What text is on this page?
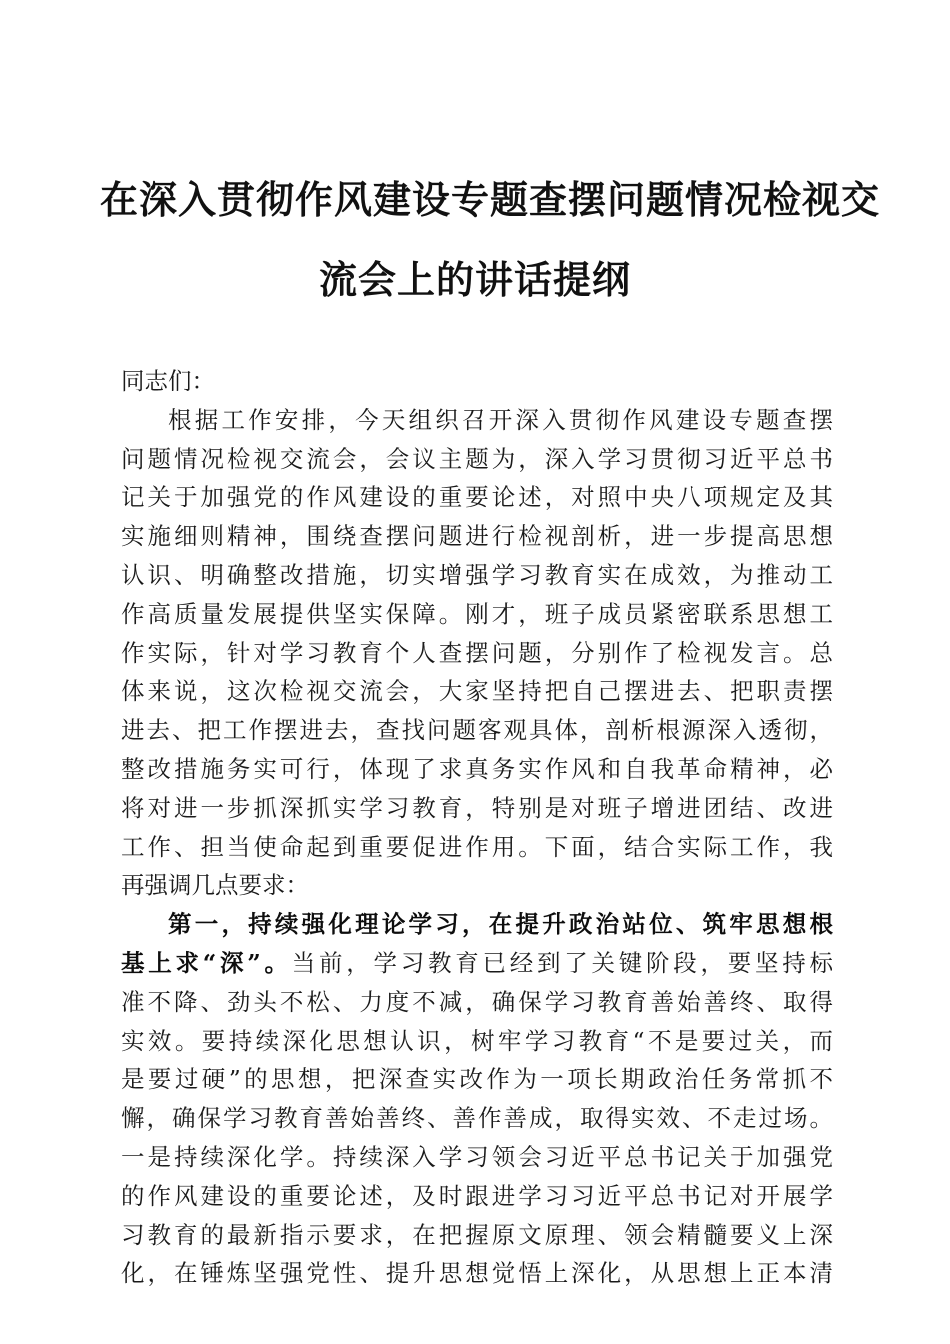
在深入贯彻作风建设专题查摆问题情况检视交
流会上的讲话提纲
同志们：
根据工作安排，今天组织召开深入贯彻作风建设专题查摆
问题情况检视交流会，会议主题为，深入学习贯彻习近平总书
记关于加强党的作风建设的重要论述，对照中央八项规定及其
实施细则精神，围绕查摆问题进行检视剖析，进一步提高思想
认识、明确整改措施，切实增强学习教育实在成效，为推动工
作高质量发展提供坚实保障。刚才，班子成员紧密联系思想工
作实际，针对学习教育个人查摆问题，分别作了检视发言。总
体来说，这次检视交流会，大家坚持把自己摆进去、把职责摆
进去、把工作摆进去，查找问题客观具体，剖析根源深入透彻，
整改措施务实可行，体现了求真务实作风和自我革命精神，必
将对进一步抓深抓实学习教育，特别是对班子增进团结、改进
工作、担当使命起到重要促进作用。下面，结合实际工作，我
再强调几点要求：
第一，持续强化理论学习，在提升政治站位、筑牢思想根
基上求“深”。当前，学习教育已经到了关键阶段，要坚持标
准不降、劲头不松、力度不减，确保学习教育善始善终、取得
实效。要持续深化思想认识，树牢学习教育“不是要过关，而
是要过硬”的思想，把深查实改作为一项长期政治任务常抓不
懈，确保学习教育善始善终、善作善成，取得实效、不走过场。
一是持续深化学。持续深入学习领会习近平总书记关于加强党
的作风建设的重要论述，及时跟进学习习近平总书记对开展学
习教育的最新指示要求，在把握原文原理、领会精髓要义上深
化，在锤炼坚强党性、提升思想觉悟上深化，从思想上正本清
